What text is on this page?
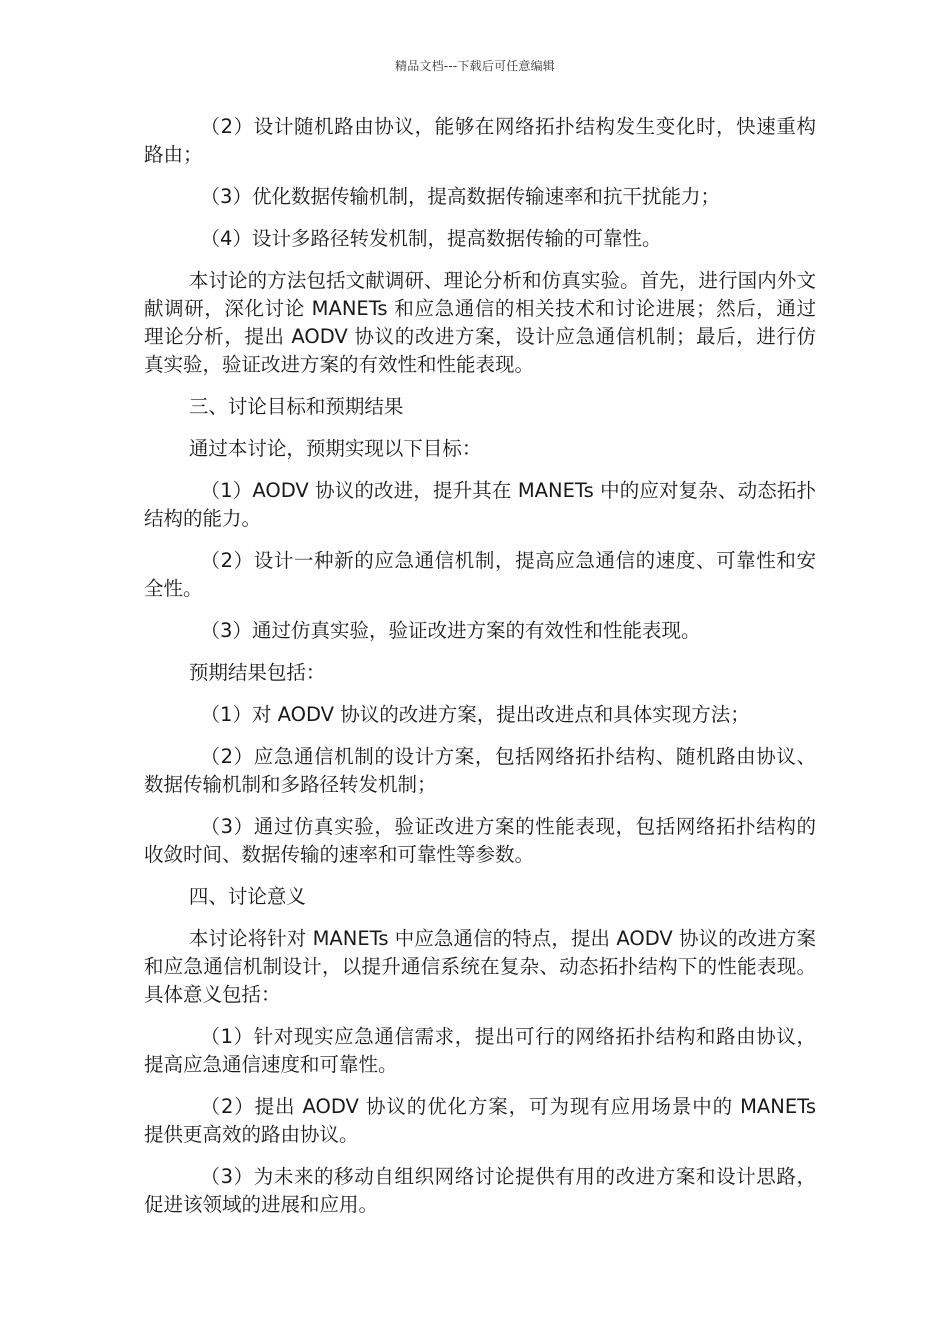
精品文档---下载后可任意编辑

（2）设计随机路由协议，能够在网络拓扑结构发生变化时，快速重构路由；

（3）优化数据传输机制，提高数据传输速率和抗干扰能力；

（4）设计多路径转发机制，提高数据传输的可靠性。

本讨论的方法包括文献调研、理论分析和仿真实验。首先，进行国内外文献调研，深化讨论 MANETs 和应急通信的相关技术和讨论进展；然后，通过理论分析，提出 AODV 协议的改进方案，设计应急通信机制；最后，进行仿真实验，验证改进方案的有效性和性能表现。

三、讨论目标和预期结果

通过本讨论，预期实现以下目标：

（1）AODV 协议的改进，提升其在 MANETs 中的应对复杂、动态拓扑结构的能力。

（2）设计一种新的应急通信机制，提高应急通信的速度、可靠性和安全性。

（3）通过仿真实验，验证改进方案的有效性和性能表现。

预期结果包括：

（1）对 AODV 协议的改进方案，提出改进点和具体实现方法；

（2）应急通信机制的设计方案，包括网络拓扑结构、随机路由协议、数据传输机制和多路径转发机制；

（3）通过仿真实验，验证改进方案的性能表现，包括网络拓扑结构的收敛时间、数据传输的速率和可靠性等参数。

四、讨论意义

本讨论将针对 MANETs 中应急通信的特点，提出 AODV 协议的改进方案和应急通信机制设计，以提升通信系统在复杂、动态拓扑结构下的性能表现。具体意义包括：

（1）针对现实应急通信需求，提出可行的网络拓扑结构和路由协议，提高应急通信速度和可靠性。

（2）提出 AODV 协议的优化方案，可为现有应用场景中的 MANETs 提供更高效的路由协议。

（3）为未来的移动自组织网络讨论提供有用的改进方案和设计思路，促进该领域的进展和应用。
